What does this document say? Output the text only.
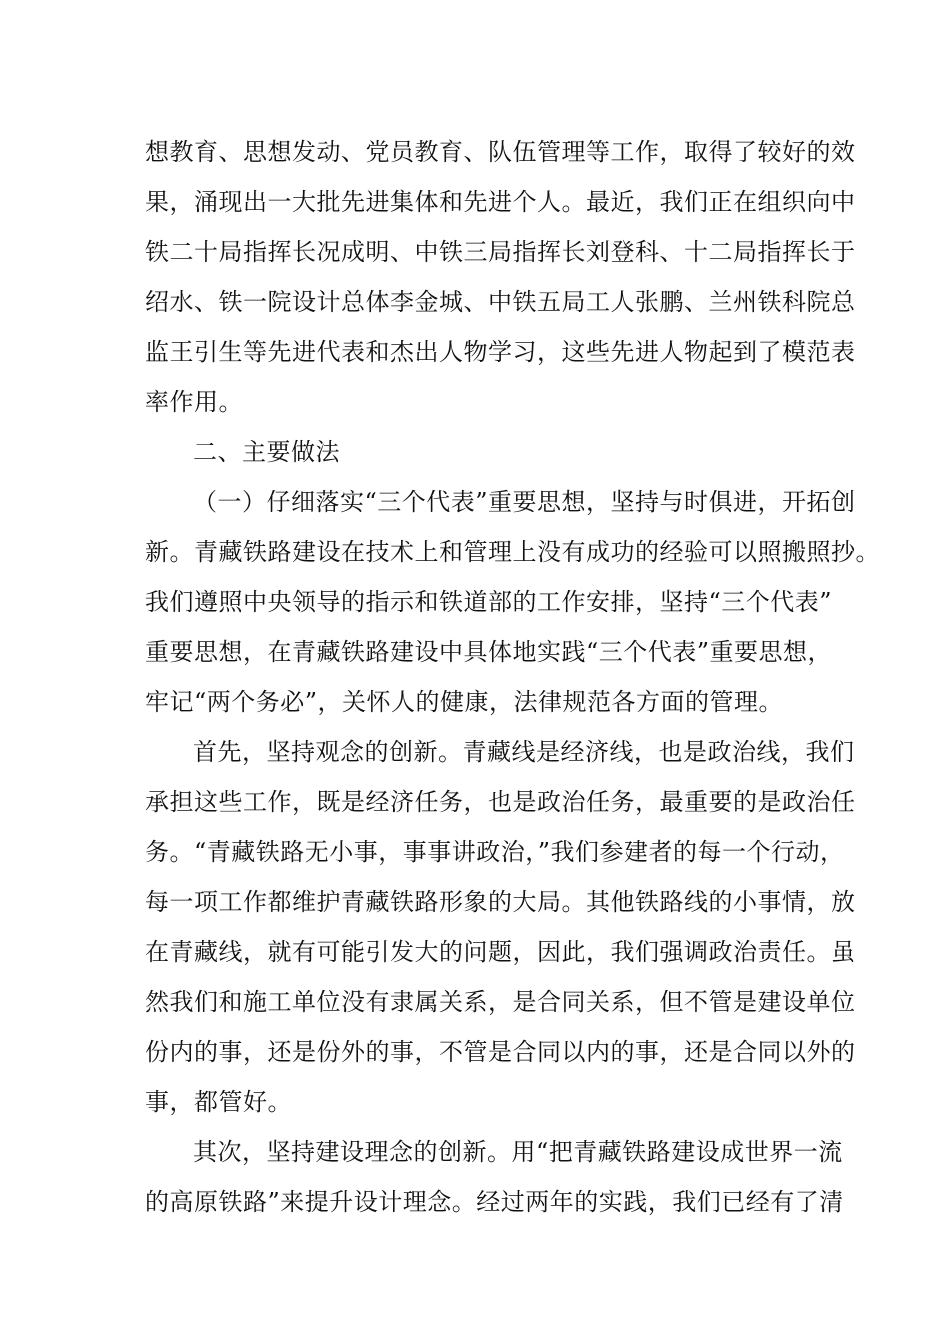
想教育、思想发动、党员教育、队伍管理等工作，取得了较好的效
果，涌现出一大批先进集体和先进个人。最近，我们正在组织向中
铁二十局指挥长况成明、中铁三局指挥长刘登科、十二局指挥长于
绍水、铁一院设计总体李金城、中铁五局工人张鹏、兰州铁科院总
监王引生等先进代表和杰出人物学习，这些先进人物起到了模范表
率作用。
二、主要做法
（一）仔细落实“三个代表”重要思想，坚持与时俱进，开拓创
新。青藏铁路建设在技术上和管理上没有成功的经验可以照搬照抄。
我们遵照中央领导的指示和铁道部的工作安排，坚持“三个代表”
重要思想，在青藏铁路建设中具体地实践“三个代表”重要思想，
牢记“两个务必”，关怀人的健康，法律规范各方面的管理。
首先，坚持观念的创新。青藏线是经济线，也是政治线，我们
承担这些工作，既是经济任务，也是政治任务，最重要的是政治任
务。“青藏铁路无小事，事事讲政治，”我们参建者的每一个行动，
每一项工作都维护青藏铁路形象的大局。其他铁路线的小事情，放
在青藏线，就有可能引发大的问题，因此，我们强调政治责任。虽
然我们和施工单位没有隶属关系，是合同关系，但不管是建设单位
份内的事，还是份外的事，不管是合同以内的事，还是合同以外的
事，都管好。
其次，坚持建设理念的创新。用“把青藏铁路建设成世界一流
的高原铁路”来提升设计理念。经过两年的实践，我们已经有了清
